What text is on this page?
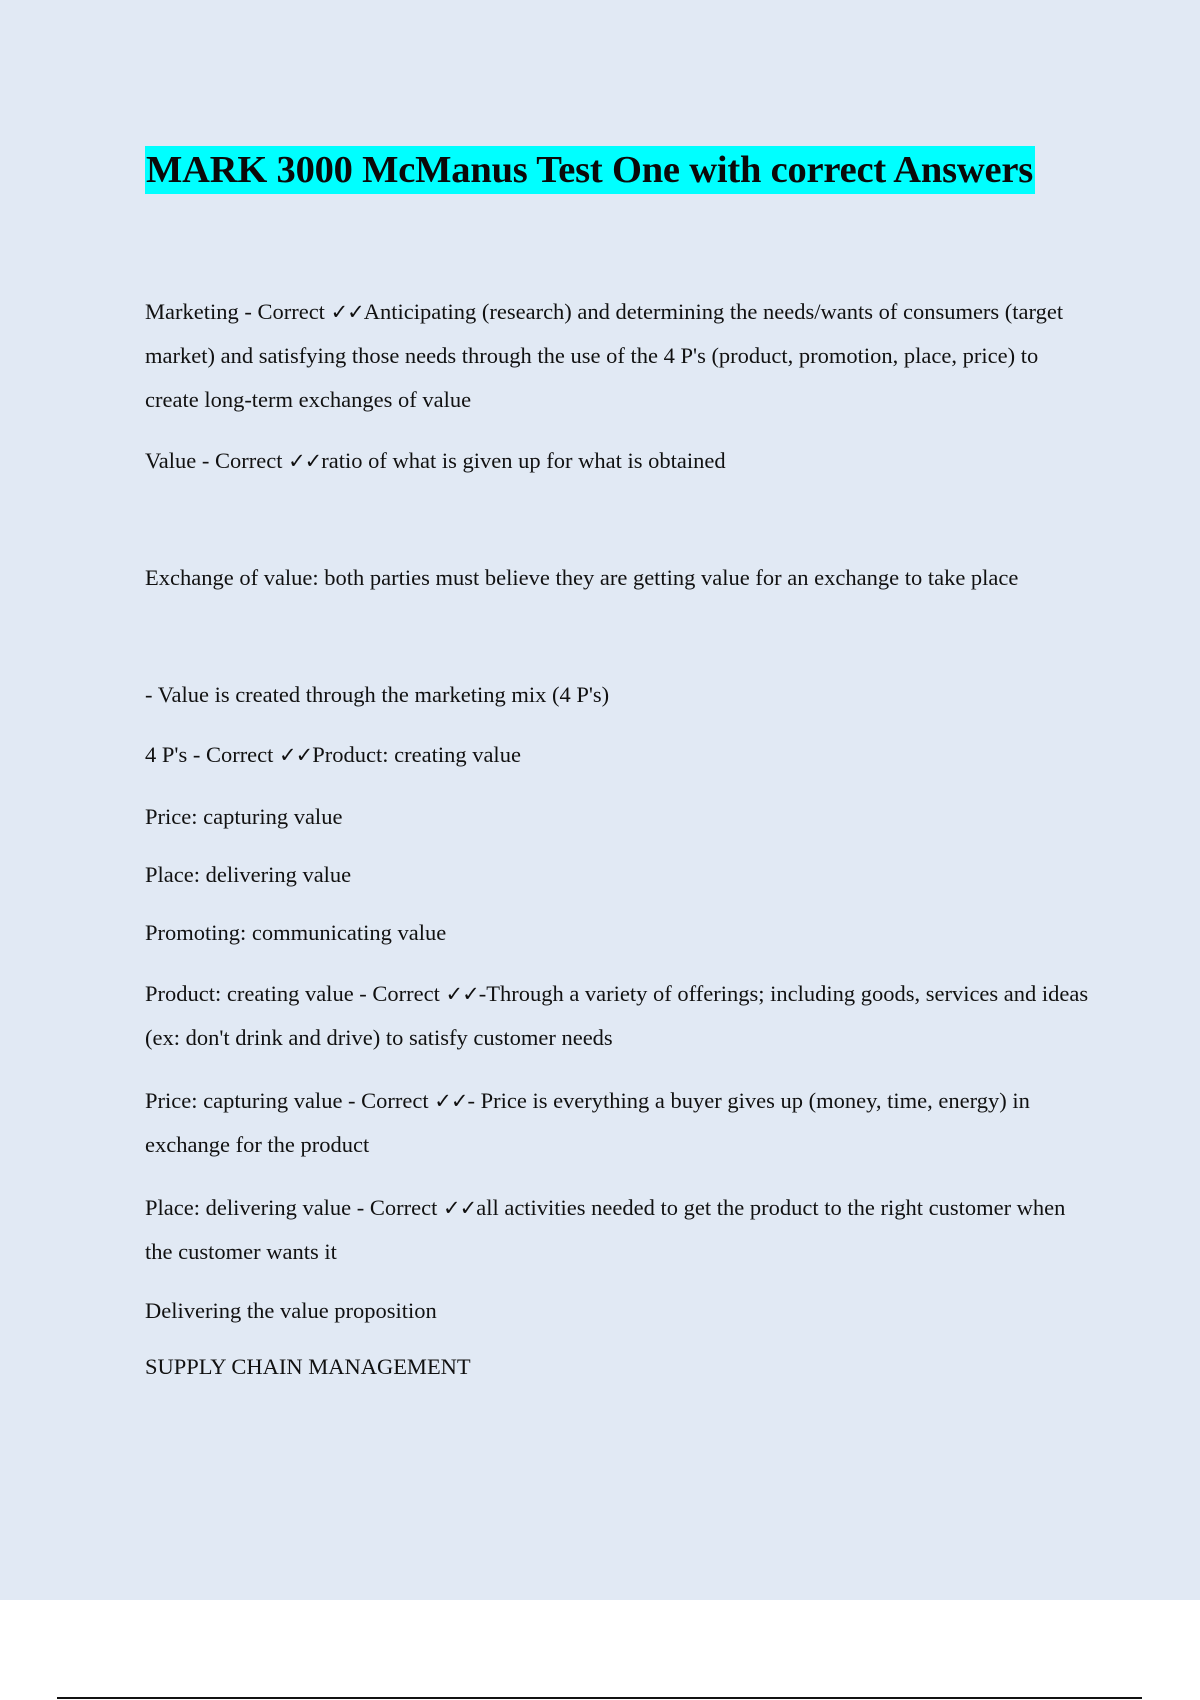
MARK 3000 McManus Test One with correct Answers

Marketing - Correct ✓✓Anticipating (research) and determining the needs/wants of consumers (target market) and satisfying those needs through the use of the 4 P's (product, promotion, place, price) to create long-term exchanges of value

Value - Correct ✓✓ratio of what is given up for what is obtained

Exchange of value: both parties must believe they are getting value for an exchange to take place

- Value is created through the marketing mix (4 P's)

4 P's - Correct ✓✓Product: creating value

Price: capturing value

Place: delivering value

Promoting: communicating value

Product: creating value - Correct ✓✓-Through a variety of offerings; including goods, services and ideas (ex: don't drink and drive) to satisfy customer needs

Price: capturing value - Correct ✓✓- Price is everything a buyer gives up (money, time, energy) in exchange for the product

Place: delivering value - Correct ✓✓all activities needed to get the product to the right customer when the customer wants it

Delivering the value proposition

SUPPLY CHAIN MANAGEMENT
